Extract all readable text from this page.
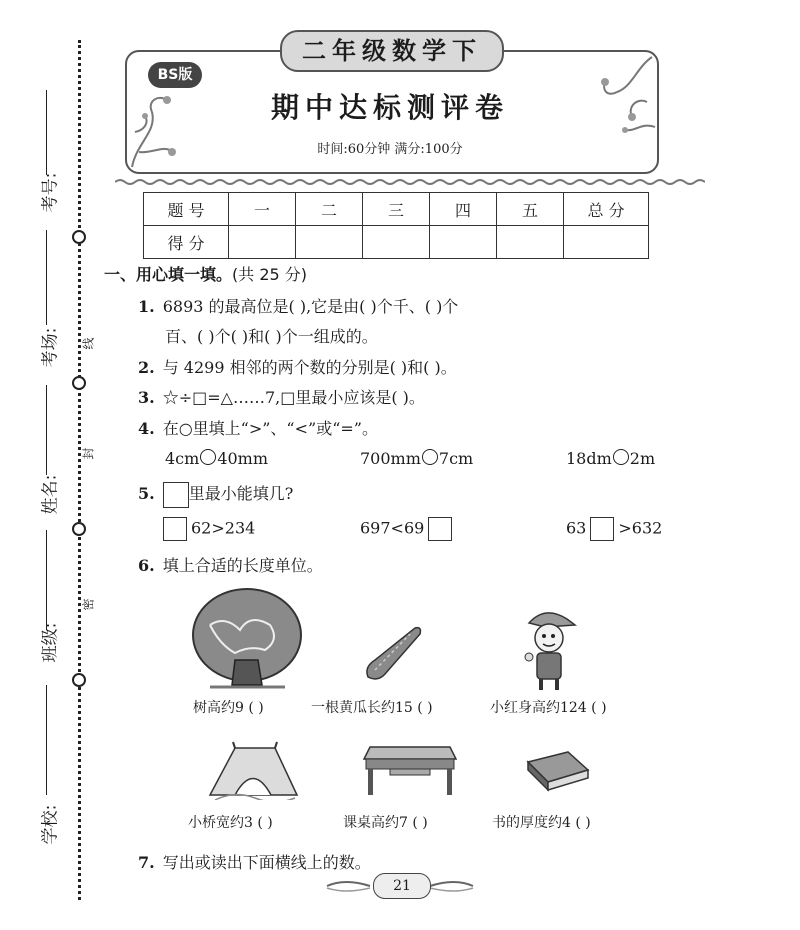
考号:
考场:
姓名:
班级:
学校:
线
封
密
二年级数学下
BS版
期中达标测评卷
时间:60分钟 满分:100分
题 号	一	二	三	四	五	总 分
得 分						
一、用心填一填。(共 25 分)
1. 6893 的最高位是( ),它是由( )个千、( )个
百、( )个( )和( )个一组成的。
2. 与 4299 相邻的两个数的分别是( )和( )。
3. ☆÷□=△……7,□里最小应该是( )。
4. 在○里填上“>”、“<”或“=”。
4cm 40mm	700mm 7cm	18dm 2m
5. 里最小能填几?
62>234	697<69	63 >632
6. 填上合适的长度单位。
树高约9 ( )	一根黄瓜长约15 ( )	小红身高约124 ( )
小桥宽约3 ( )	课桌高约7 ( )	书的厚度约4 ( )
7. 写出或读出下面横线上的数。
21
